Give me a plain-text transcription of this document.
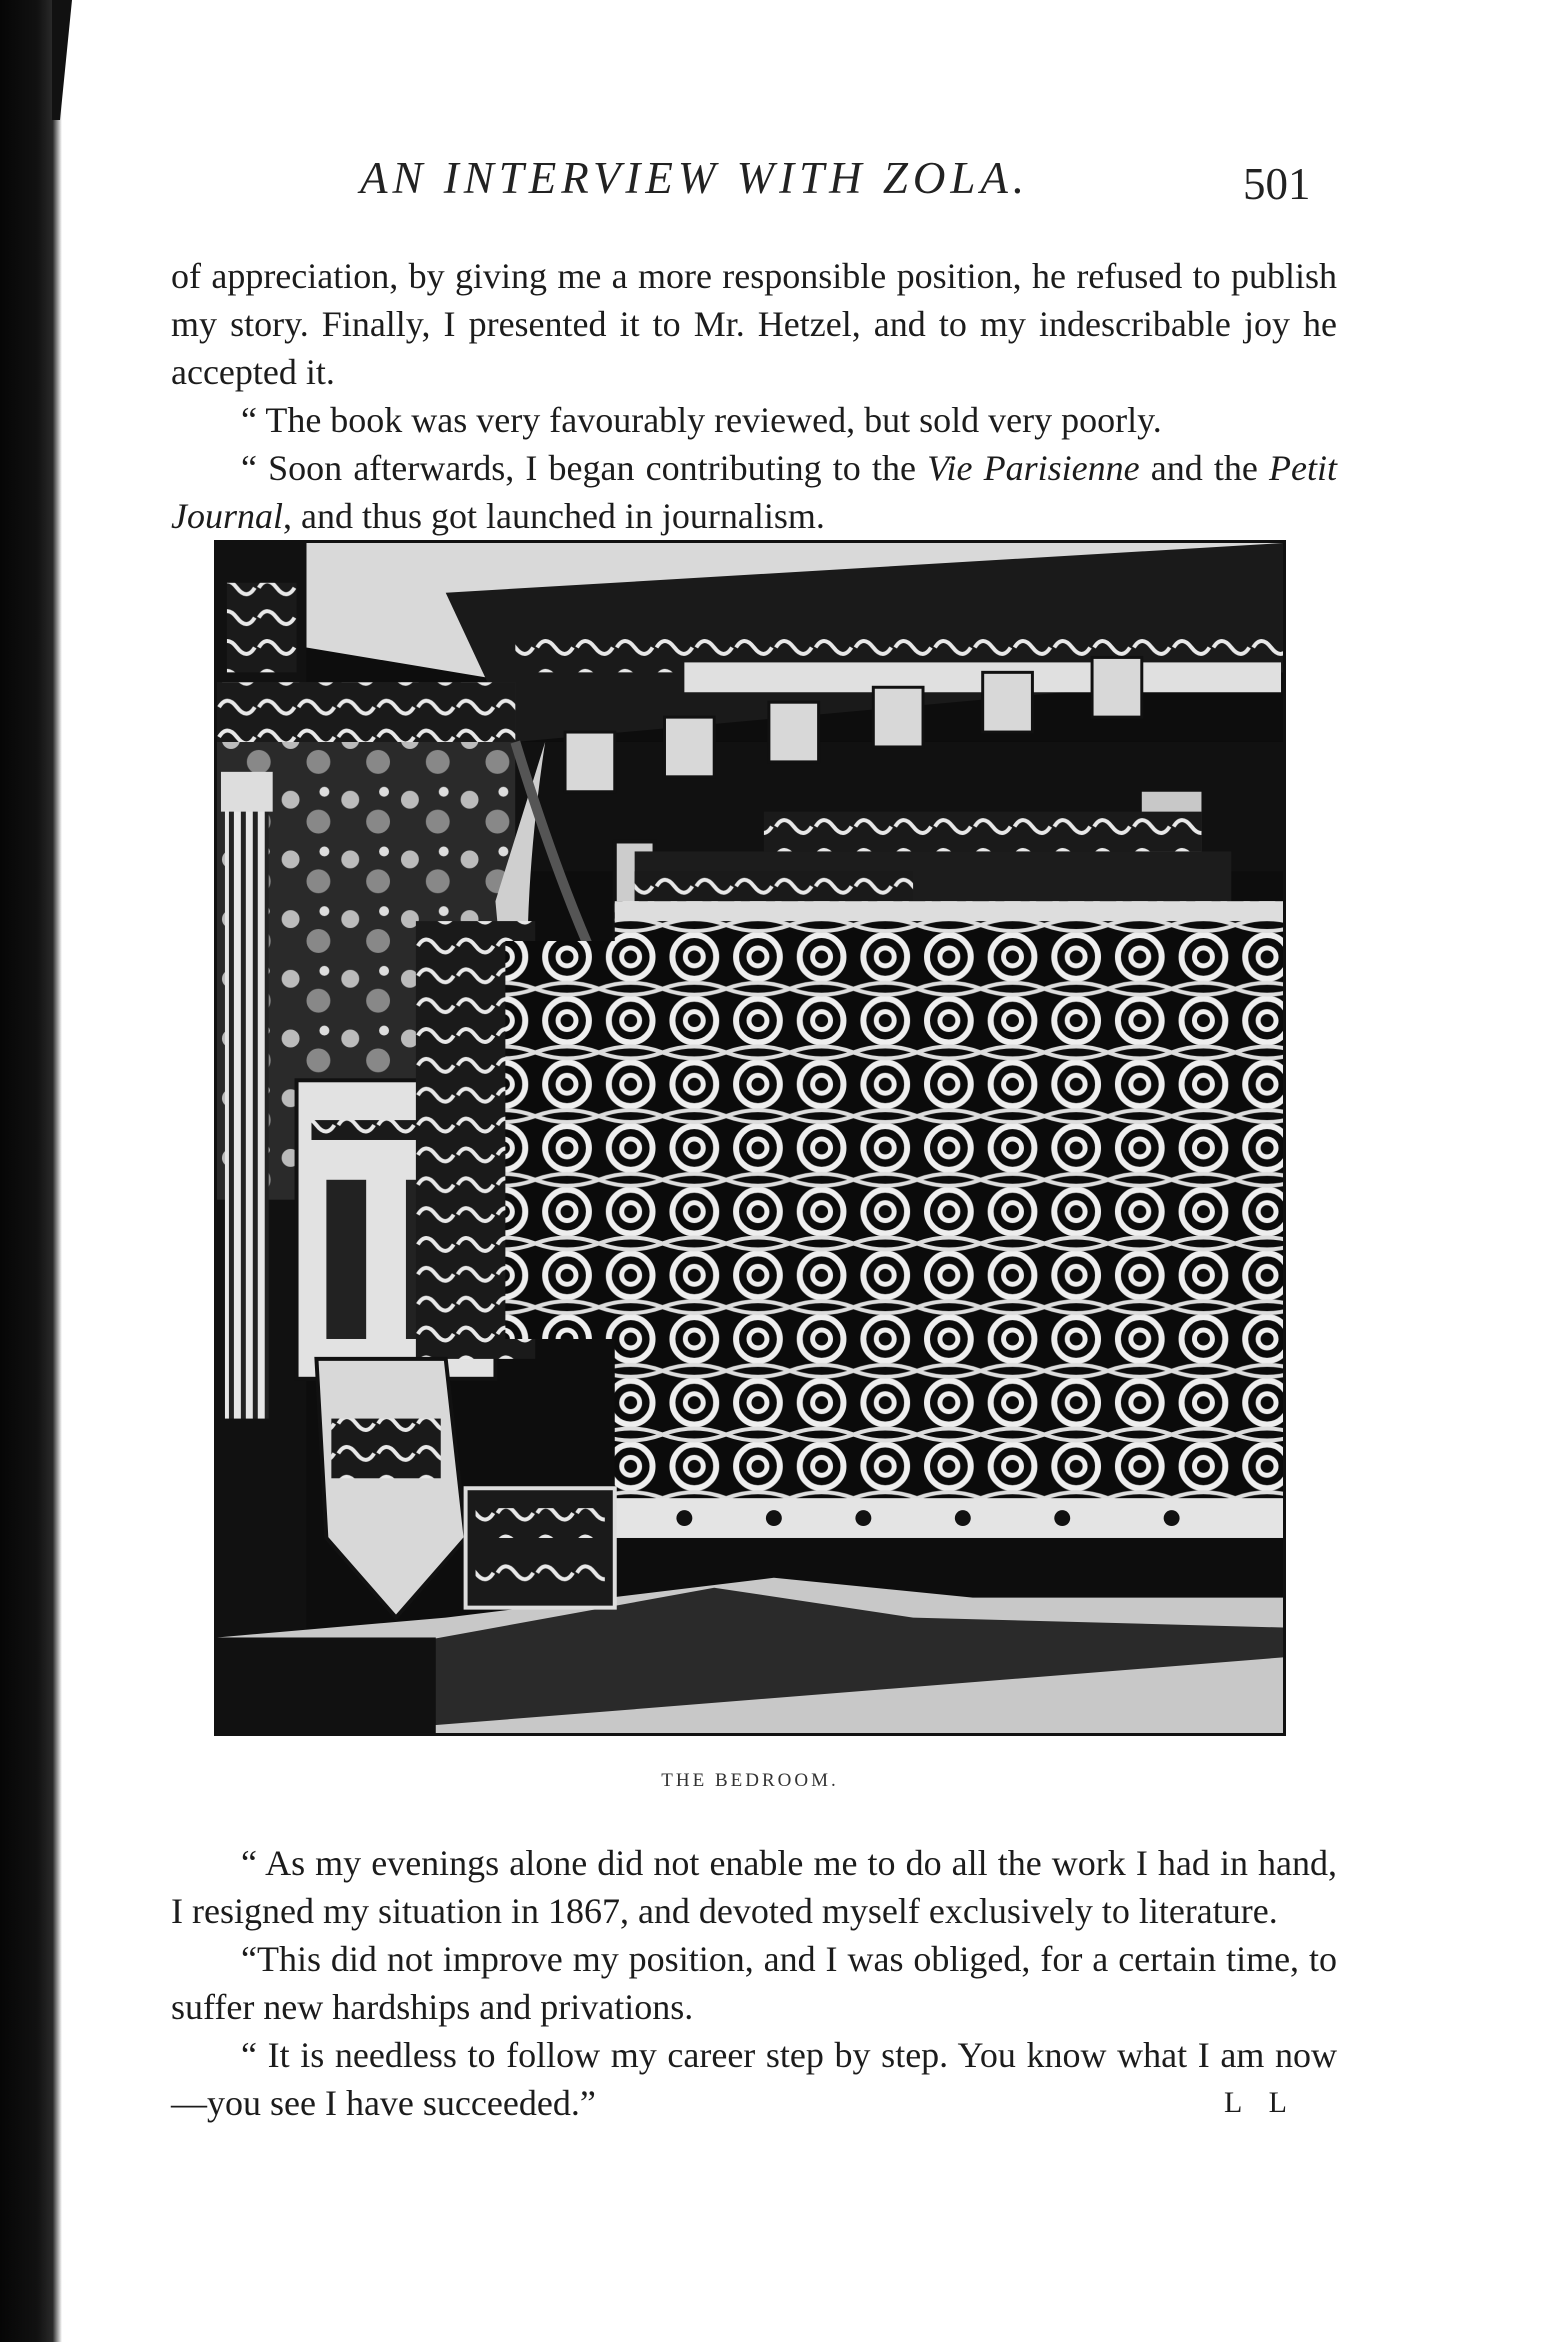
AN INTERVIEW WITH ZOLA.	501

of appreciation, by giving me a more responsible position, he refused to publish my story. Finally, I presented it to Mr. Hetzel, and to my indescribable joy he accepted it.

“ The book was very favourably reviewed, but sold very poorly.

“ Soon afterwards, I began contributing to the Vie Parisienne and the Petit Journal, and thus got launched in journalism.

THE BEDROOM.

“ As my evenings alone did not enable me to do all the work I had in hand, I resigned my situation in 1867, and devoted myself exclusively to literature.

“This did not improve my position, and I was obliged, for a certain time, to suffer new hardships and privations.

“ It is needless to follow my career step by step. You know what I am now—you see I have succeeded.”	L L
